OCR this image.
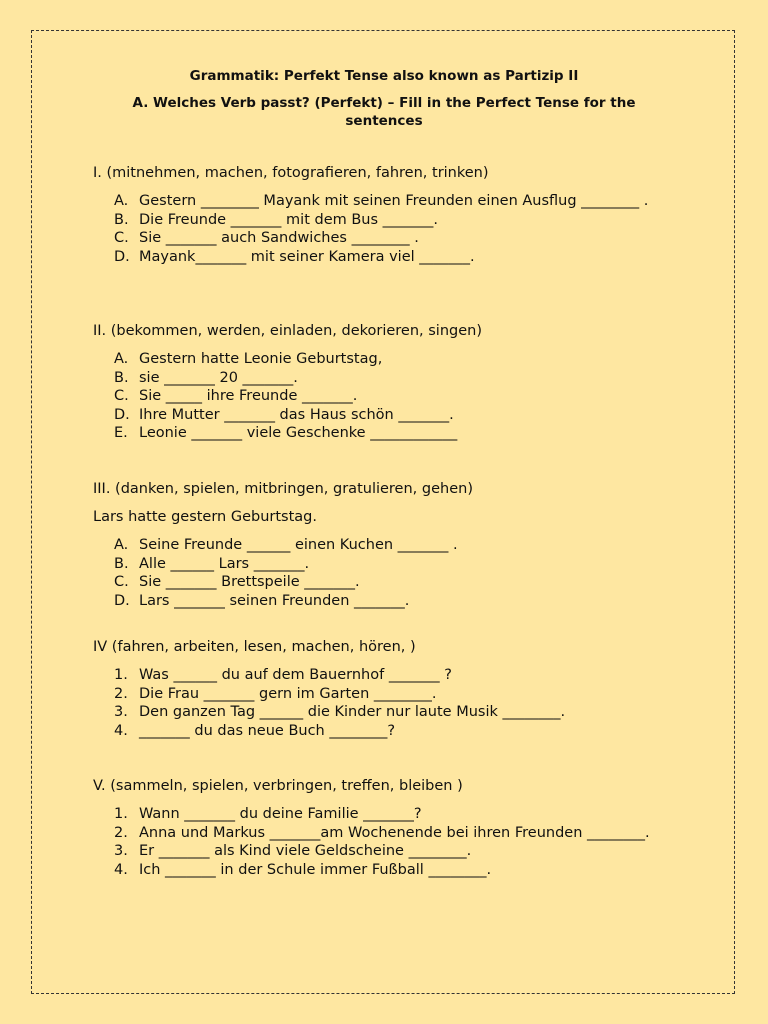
Grammatik: Perfekt Tense also known as Partizip II
A. Welches Verb passt? (Perfekt) – Fill in the Perfect Tense for the sentences

I. (mitnehmen, machen, fotografieren, fahren, trinken)

A. Gestern ________ Mayank mit seinen Freunden einen Ausflug ________ .
B. Die Freunde _______ mit dem Bus _______.
C. Sie _______ auch Sandwiches ________ .
D. Mayank_______ mit seiner Kamera viel _______.

II. (bekommen, werden, einladen, dekorieren, singen)

A. Gestern hatte Leonie Geburtstag,
B. sie _______ 20 _______.
C. Sie _____ ihre Freunde _______.
D. Ihre Mutter _______ das Haus schön _______.
E. Leonie _______ viele Geschenke ____________

III. (danken, spielen, mitbringen, gratulieren, gehen)

Lars hatte gestern Geburtstag.

A. Seine Freunde ______ einen Kuchen _______ .
B. Alle ______ Lars _______.
C. Sie _______ Brettspeile _______.
D. Lars _______ seinen Freunden _______.

IV (fahren, arbeiten, lesen, machen, hören, )

1. Was ______ du auf dem Bauernhof _______ ?
2. Die Frau _______ gern im Garten ________.
3. Den ganzen Tag ______ die Kinder nur laute Musik ________.
4. _______ du das neue Buch ________?

V. (sammeln, spielen, verbringen, treffen, bleiben )

1. Wann _______ du deine Familie _______?
2. Anna und Markus _______am Wochenende bei ihren Freunden ________.
3. Er _______ als Kind viele Geldscheine ________.
4. Ich _______ in der Schule immer Fußball ________.
